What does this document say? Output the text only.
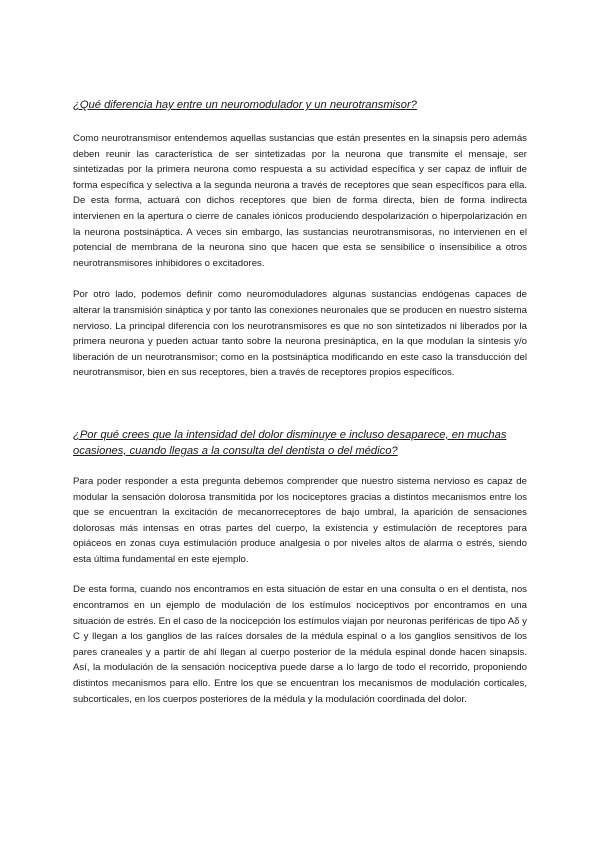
¿Qué diferencia hay entre un neuromodulador y un neurotransmisor?

Como neurotransmisor entendemos aquellas sustancias que están presentes en la sinapsis pero además deben reunir las característica de ser sintetizadas por la neurona que transmite el mensaje, ser sintetizadas por la primera neurona como respuesta a su actividad específica y ser capaz de influir de forma específica y selectiva a la segunda neurona a través de receptores que sean específicos para ella. De esta forma, actuará con dichos receptores que bien de forma directa, bien de forma indirecta intervienen en la apertura o cierre de canales iónicos produciendo despolarización o hiperpolarización en la neurona postsináptica. A veces sin embargo, las sustancias neurotransmisoras, no intervienen en el potencial de membrana de la neurona sino que hacen que esta se sensibilice o insensibilice a otros neurotransmisores inhibidores o excitadores.

Por otro lado, podemos definir como neuromoduladores algunas sustancias endógenas capaces de alterar la transmisión sináptica y por tanto las conexiones neuronales que se producen en nuestro sistema nervioso. La principal diferencia con los neurotransmisores es que no son sintetizados ni liberados por la primera neurona y pueden actuar tanto sobre la neurona presináptica, en la que modulan la síntesis y/o liberación de un neurotransmisor; como en la postsináptica modificando en este caso la transducción del neurotransmisor, bien en sus receptores, bien a través de receptores propios específicos.

¿Por qué crees que la intensidad del dolor disminuye e incluso desaparece, en muchas ocasiones, cuando llegas a la consulta del dentista o del médico?

Para poder responder a esta pregunta debemos comprender que nuestro sistema nervioso es capaz de modular la sensación dolorosa transmitida por los nociceptores gracias a distintos mecanismos entre los que se encuentran la excitación de mecanorreceptores de bajo umbral, la aparición de sensaciones dolorosas más intensas en otras partes del cuerpo, la existencia y estimulación de receptores para opiáceos en zonas cuya estimulación produce analgesia o por niveles altos de alarma o estrés, siendo esta última fundamental en este ejemplo.

De esta forma, cuando nos encontramos en esta situación de estar en una consulta o en el dentista, nos encontramos en un ejemplo de modulación de los estímulos nociceptivos por encontramos en una situación de estrés. En el caso de la nocicepción los estímulos viajan por neuronas periféricas de tipo Aδ y C y llegan a los ganglios de las raíces dorsales de la médula espinal o a los ganglios sensitivos de los pares craneales y a partir de ahí llegan al cuerpo posterior de la médula espinal donde hacen sinapsis. Así, la modulación de la sensación nociceptiva puede darse a lo largo de todo el recorrido, proponiendo distintos mecanismos para ello. Entre los que se encuentran los mecanismos de modulación corticales, subcorticales, en los cuerpos posteriores de la médula y la modulación coordinada del dolor.
